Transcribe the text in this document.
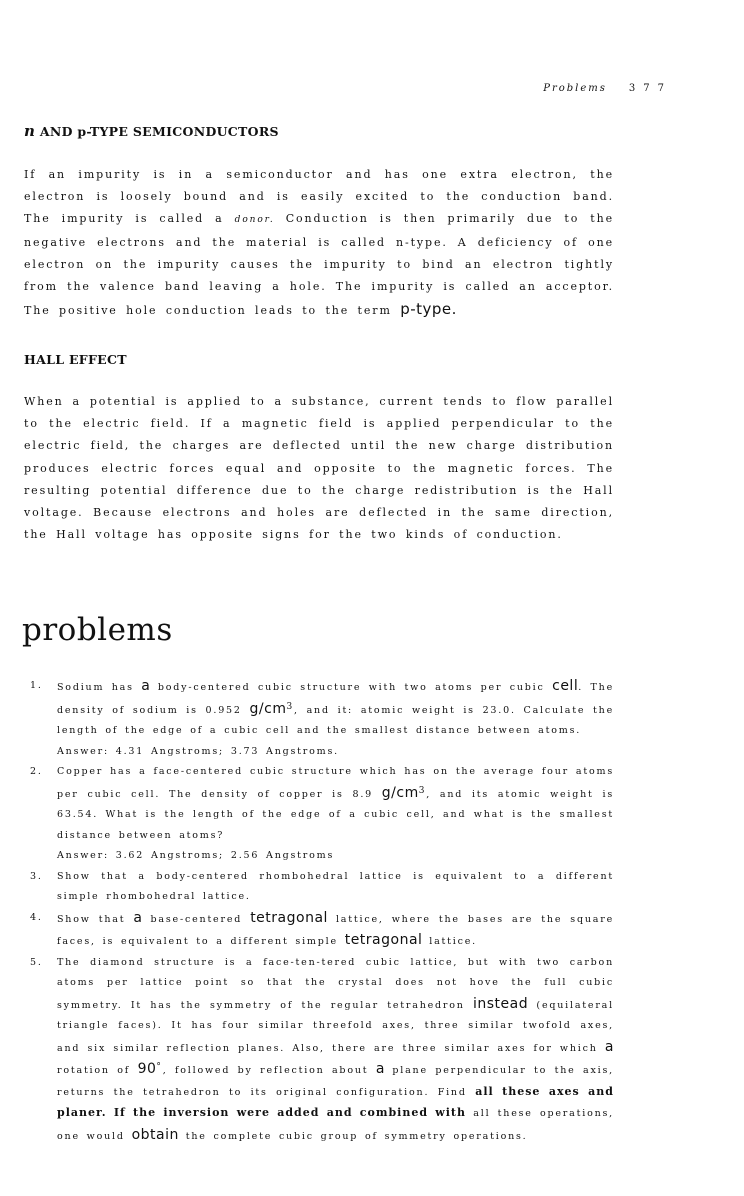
Problems 377
n AND p-TYPE SEMICONDUCTORS

If an impurity is in a semiconductor and has one extra electron, the electron is loosely bound and is easily excited to the conduction band. The impurity is called a donor. Conduction is then primarily due to the negative electrons and the material is called n-type. A deficiency of one electron on the impurity causes the impurity to bind an electron tightly from the valence band leaving a hole. The impurity is called an acceptor. The positive hole conduction leads to the term p-type.

HALL EFFECT

When a potential is applied to a substance, current tends to flow parallel to the electric field. If a magnetic field is applied perpendicular to the electric field, the charges are deflected until the new charge distribution produces electric forces equal and opposite to the magnetic forces. The resulting potential difference due to the charge redistribution is the Hall voltage. Because electrons and holes are deflected in the same direction, the Hall voltage has opposite signs for the two kinds of conduction.

problems
1. Sodium has a body-centered cubic structure with two atoms per cubic cell. The density of sodium is 0.952 $g/cm^3$, and it: atomic weight is 23.0. Calculate the length of the edge of a cubic cell and the smallest distance between atoms.
Answer: 4.31 Angstroms; 3.73 Angstroms.
2. Copper has a face-centered cubic structure which has on the average four atoms per cubic cell. The density of copper is 8.9 $g/cm^3$, and its atomic weight is 63.54. What is the length of the edge of a cubic cell, and what is the smallest distance between atoms?
Answer: 3.62 Angstroms; 2.56 Angstroms
3. Show that a body-centered rhombohedral lattice is equivalent to a different simple rhombohedral lattice.
4. Show that a base-centered tetragonal lattice, where the bases are the square faces, is equivalent to a different simple tetragonal lattice.
5. The diamond structure is a face-ten-tered cubic lattice, but with two carbon atoms per lattice point so that the crystal does not hove the full cubic symmetry. It has the symmetry of the regular tetrahedron instead (equilateral triangle faces). It has four similar threefold axes, three similar twofold axes, and six similar reflection planes. Also, there are three similar axes for which a rotation of 90°, followed by reflection about a plane perpendicular to the axis, returns the tetrahedron to its original configuration. Find all these axes and planer. If the inversion were added and combined with all these operations, one would obtain the complete cubic group of symmetry operations.
